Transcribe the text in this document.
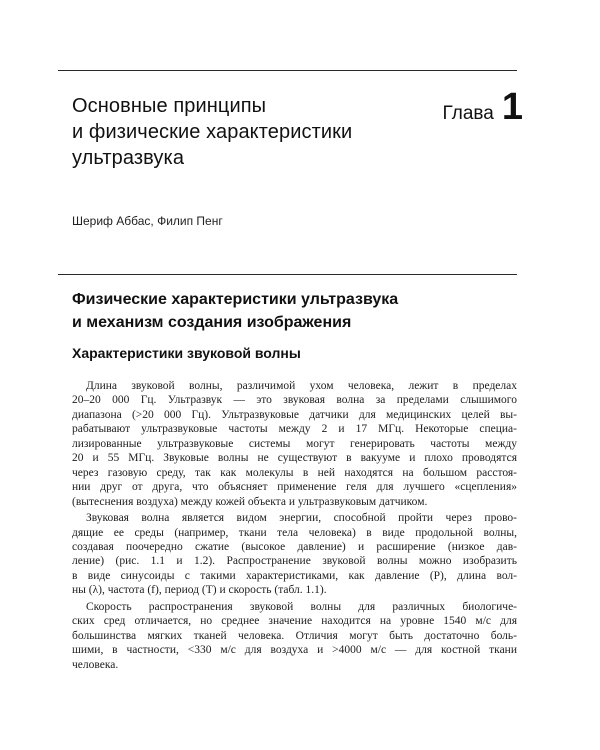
Основные принципы
и физические характеристики
ультразвука
Глава 1
Шериф Аббас, Филип Пенг
Физические характеристики ультразвука
и механизм создания изображения
Характеристики звуковой волны

Длина звуковой волны, различимой ухом человека, лежит в пределах
20–20 000 Гц. Ультразвук — это звуковая волна за пределами слышимого
диапазона (>20 000 Гц). Ультразвуковые датчики для медицинских целей вы-
рабатывают ультразвуковые частоты между 2 и 17 МГц. Некоторые специа-
лизированные ультразвуковые системы могут генерировать частоты между
20 и 55 МГц. Звуковые волны не существуют в вакууме и плохо проводятся
через газовую среду, так как молекулы в ней находятся на большом расстоя-
нии друг от друга, что объясняет применение геля для лучшего «сцепления»
(вытеснения воздуха) между кожей объекта и ультразвуковым датчиком.

Звуковая волна является видом энергии, способной пройти через прово-
дящие ее среды (например, ткани тела человека) в виде продольной волны,
создавая поочередно сжатие (высокое давление) и расширение (низкое дав-
ление) (рис. 1.1 и 1.2). Распространение звуковой волны можно изобразить
в виде синусоиды с такими характеристиками, как давление (P), длина вол-
ны (λ), частота (f), период (T) и скорость (табл. 1.1).

Скорость распространения звуковой волны для различных биологиче-
ских сред отличается, но среднее значение находится на уровне 1540 м/с для
большинства мягких тканей человека. Отличия могут быть достаточно боль-
шими, в частности, <330 м/с для воздуха и >4000 м/с — для костной ткани
человека.
